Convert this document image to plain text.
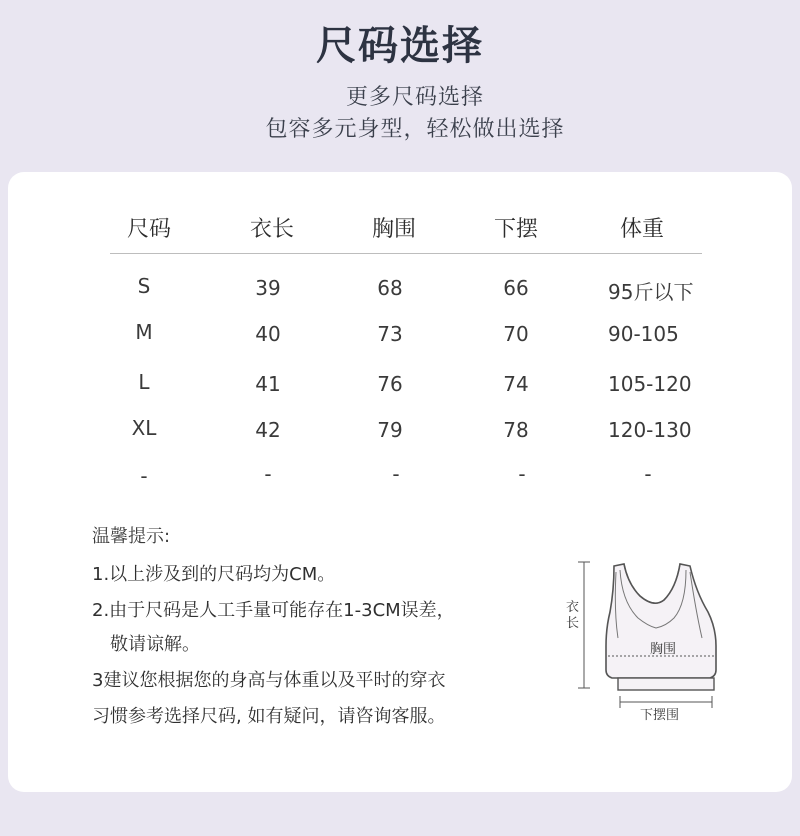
尺码选择
更多尺码选择
包容多元身型，轻松做出选择
尺码	衣长	胸围	下摆	体重
S	39	68	66	95斤以下
M	40	73	70	90-105
L	41	76	74	105-120
XL	42	79	78	120-130
-	-	-	-	-
温馨提示:
1.以上涉及到的尺码均为CM。
2.由于尺码是人工手量可能存在1-3CM误差，
敬请谅解。
3建议您根据您的身高与体重以及平时的穿衣
习惯参考选择尺码, 如有疑问，请咨询客服。
衣长
胸围
下摆围
